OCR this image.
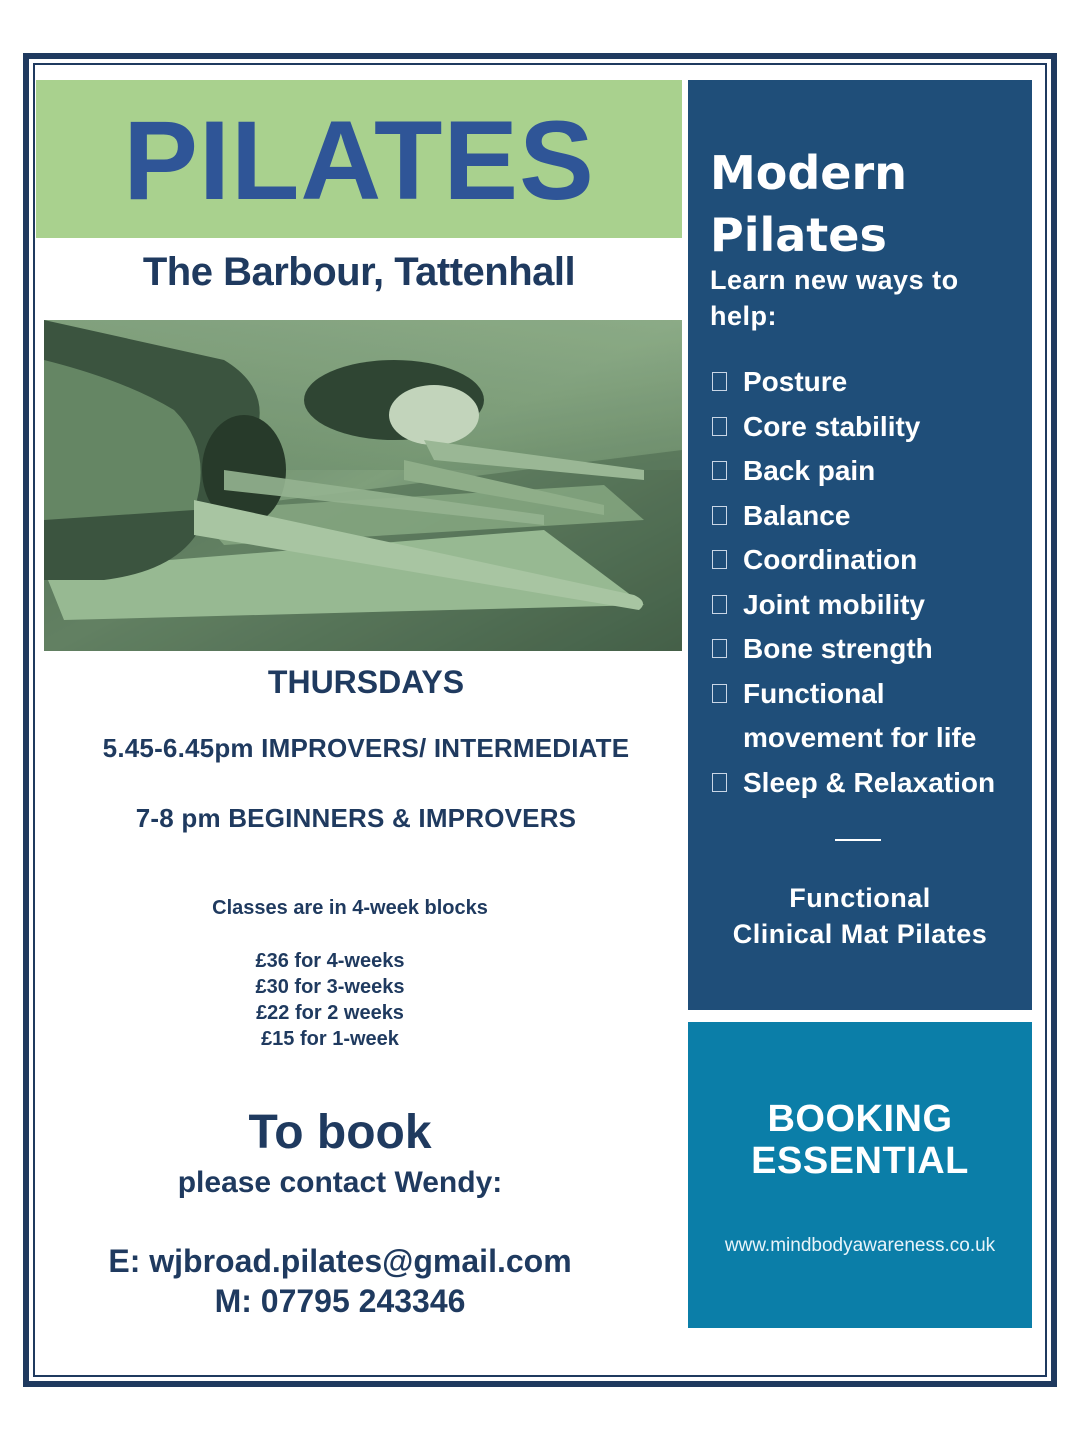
PILATES
The Barbour, Tattenhall
THURSDAYS
5.45-6.45pm IMPROVERS/ INTERMEDIATE
7-8 pm BEGINNERS & IMPROVERS
Classes are in 4-week blocks
£36 for 4-weeks
£30 for 3-weeks
£22 for 2 weeks
£15 for 1-week
To book
please contact Wendy:
E: wjbroad.pilates@gmail.com
M: 07795 243346
Modern
Pilates
Learn new ways to help:
Posture
Core stability
Back pain
Balance
Coordination
Joint mobility
Bone strength
Functional
movement for life
Sleep & Relaxation
Functional
Clinical Mat Pilates
BOOKING
ESSENTIAL
www.mindbodyawareness.co.uk
